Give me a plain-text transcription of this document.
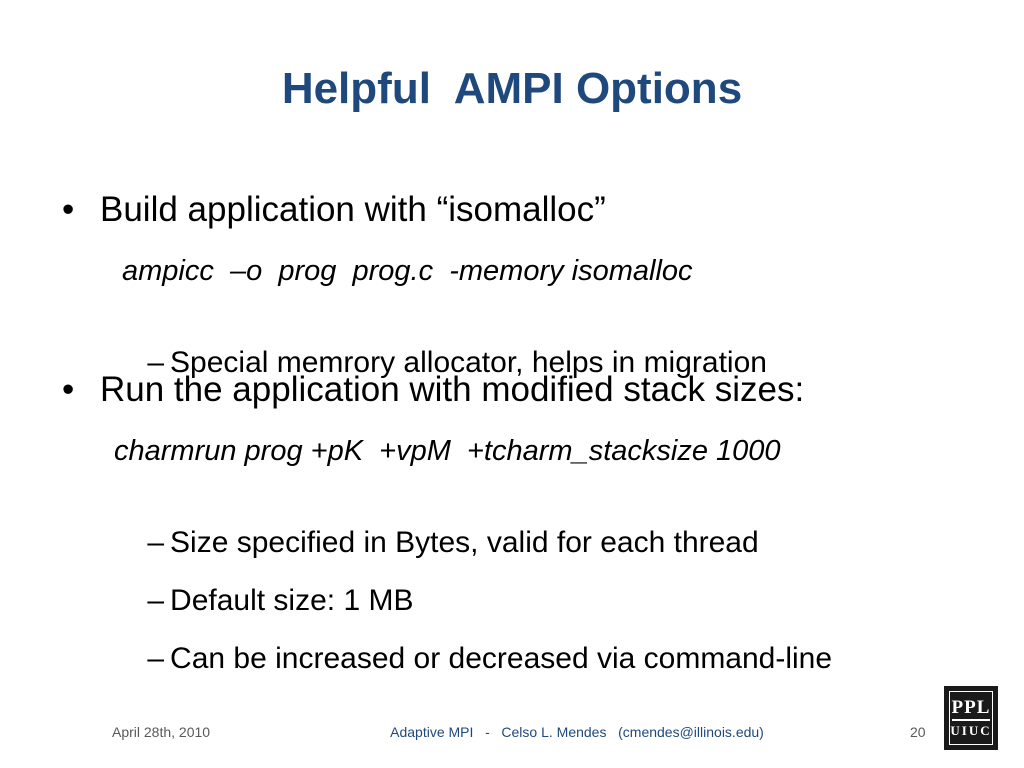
Helpful  AMPI Options
• Build application with “isomalloc”
ampicc  –o  prog  prog.c  -memory isomalloc

– Special memrory allocator, helps in migration

• Run the application with modified stack sizes:
charmrun prog +pK  +vpM  +tcharm_stacksize 1000

– Size specified in Bytes, valid for each thread

– Default size: 1 MB

– Can be increased or decreased via command-line

April 28th, 2010	Adaptive MPI   -   Celso L. Mendes   (cmendes@illinois.edu)	20
PPL
UIUC
